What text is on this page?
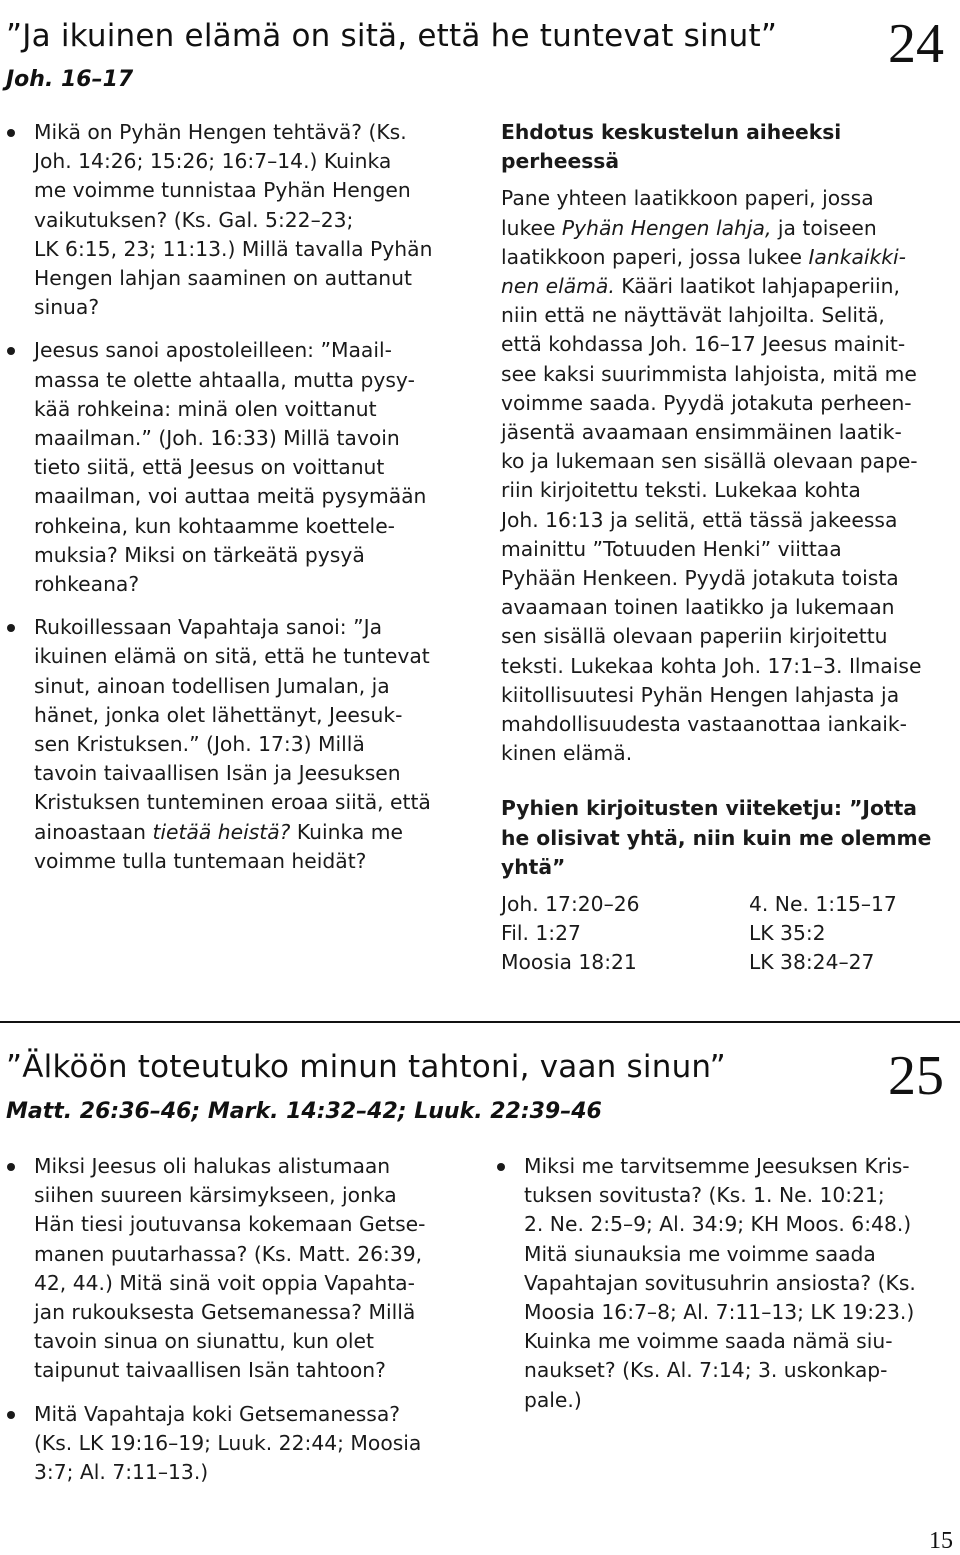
”Ja ikuinen elämä on sitä, että he tuntevat sinut”
Joh. 16–17
24

Mikä on Pyhän Hengen tehtävä? (Ks.

Joh. 14:26; 15:26; 16:7–14.) Kuinka

me voimme tunnistaa Pyhän Hengen

vaikutuksen? (Ks. Gal. 5:22–23;

LK 6:15, 23; 11:13.) Millä tavalla Pyhän

Hengen lahjan saaminen on auttanut

sinua?

Jeesus sanoi apostoleilleen: ”Maail-

massa te olette ahtaalla, mutta pysy-

kää rohkeina: minä olen voittanut

maailman.” (Joh. 16:33) Millä tavoin

tieto siitä, että Jeesus on voittanut

maailman, voi auttaa meitä pysymään

rohkeina, kun kohtaamme koettele-

muksia? Miksi on tärkeätä pysyä

rohkeana?

Rukoillessaan Vapahtaja sanoi: ”Ja

ikuinen elämä on sitä, että he tuntevat

sinut, ainoan todellisen Jumalan, ja

hänet, jonka olet lähettänyt, Jeesuk-

sen Kristuksen.” (Joh. 17:3) Millä

tavoin taivaallisen Isän ja Jeesuksen

Kristuksen tunteminen eroaa siitä, että

ainoastaan tietää heistä? Kuinka me

voimme tulla tuntemaan heidät?

Ehdotus keskustelun aiheeksi

perheessä

Pane yhteen laatikkoon paperi, jossa

lukee Pyhän Hengen lahja, ja toiseen

laatikkoon paperi, jossa lukee Iankaikki-

nen elämä. Kääri laatikot lahjapaperiin,

niin että ne näyttävät lahjoilta. Selitä,

että kohdassa Joh. 16–17 Jeesus mainit-

see kaksi suurimmista lahjoista, mitä me

voimme saada. Pyydä jotakuta perheen-

jäsentä avaamaan ensimmäinen laatik-

ko ja lukemaan sen sisällä olevaan pape-

riin kirjoitettu teksti. Lukekaa kohta

Joh. 16:13 ja selitä, että tässä jakeessa

mainittu ”Totuuden Henki” viittaa

Pyhään Henkeen. Pyydä jotakuta toista

avaamaan toinen laatikko ja lukemaan

sen sisällä olevaan paperiin kirjoitettu

teksti. Lukekaa kohta Joh. 17:1–3. Ilmaise

kiitollisuutesi Pyhän Hengen lahjasta ja

mahdollisuudesta vastaanottaa iankaik-

kinen elämä.

Pyhien kirjoitusten viiteketju: ”Jotta

he olisivat yhtä, niin kuin me olemme

yhtä”

Joh. 17:20–26	4. Ne. 1:15–17

Fil. 1:27	LK 35:2

Moosia 18:21	LK 38:24–27

”Älköön toteutuko minun tahtoni, vaan sinun”
Matt. 26:36–46; Mark. 14:32–42; Luuk. 22:39–46
25

Miksi Jeesus oli halukas alistumaan

siihen suureen kärsimykseen, jonka

Hän tiesi joutuvansa kokemaan Getse-

manen puutarhassa? (Ks. Matt. 26:39,

42, 44.) Mitä sinä voit oppia Vapahta-

jan rukouksesta Getsemanessa? Millä

tavoin sinua on siunattu, kun olet

taipunut taivaallisen Isän tahtoon?

Mitä Vapahtaja koki Getsemanessa?

(Ks. LK 19:16–19; Luuk. 22:44; Moosia

3:7; Al. 7:11–13.)

Miksi me tarvitsemme Jeesuksen Kris-

tuksen sovitusta? (Ks. 1. Ne. 10:21;

2. Ne. 2:5–9; Al. 34:9; KH Moos. 6:48.)

Mitä siunauksia me voimme saada

Vapahtajan sovitusuhrin ansiosta? (Ks.

Moosia 16:7–8; Al. 7:11–13; LK 19:23.)

Kuinka me voimme saada nämä siu-

naukset? (Ks. Al. 7:14; 3. uskonkap-

pale.)

15
